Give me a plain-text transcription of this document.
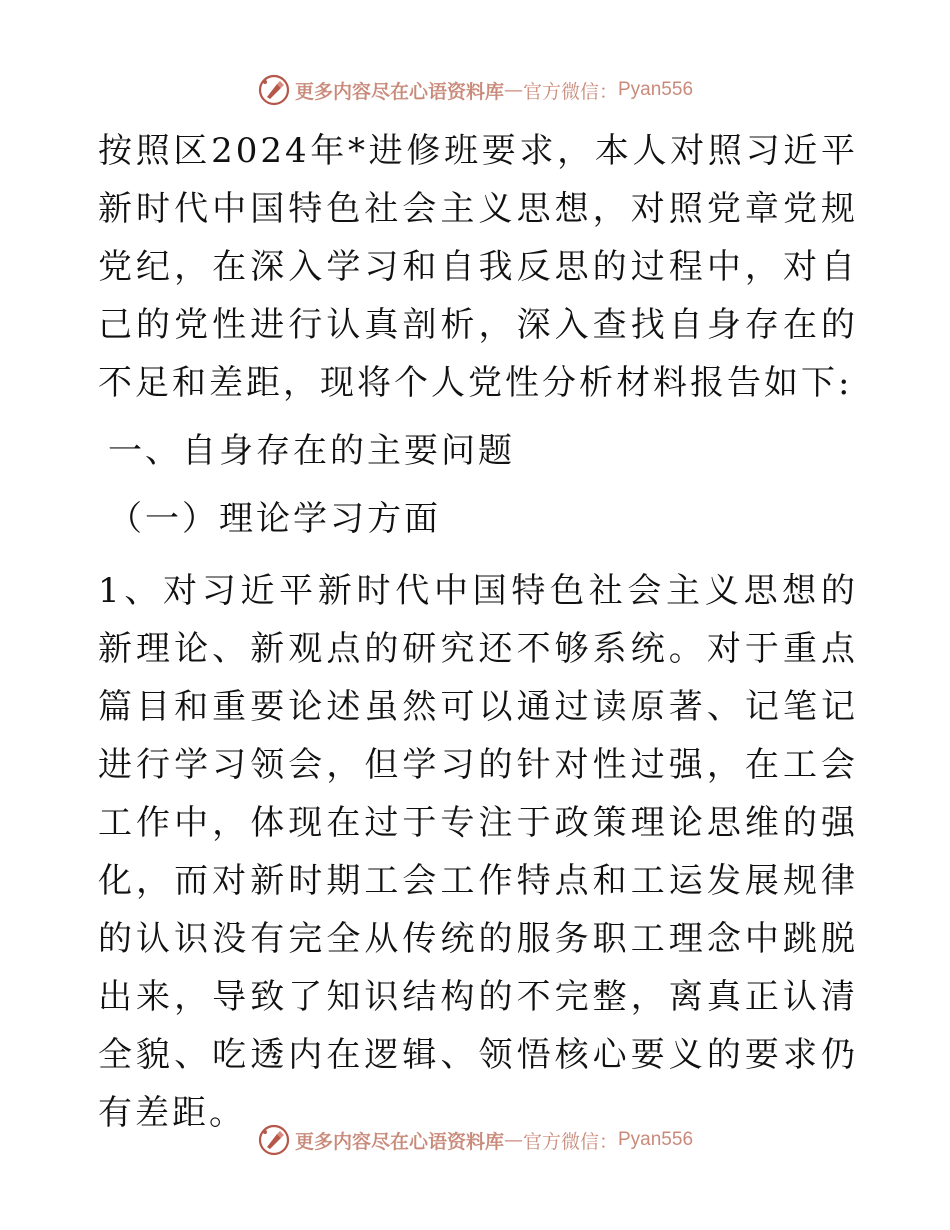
更多内容尽在心语资料库 — 官方微信： Pyan556

按照区2024年*进修班要求，本人对照习近平新时代中国特色社会主义思想，对照党章党规党纪，在深入学习和自我反思的过程中，对自己的党性进行认真剖析，深入查找自身存在的不足和差距，现将个人党性分析材料报告如下:

一、自身存在的主要问题

（一）理论学习方面

1、对习近平新时代中国特色社会主义思想的新理论、新观点的研究还不够系统。对于重点篇目和重要论述虽然可以通过读原著、记笔记进行学习领会，但学习的针对性过强，在工会工作中，体现在过于专注于政策理论思维的强化，而对新时期工会工作特点和工运发展规律的认识没有完全从传统的服务职工理念中跳脱出来，导致了知识结构的不完整，离真正认清全貌、吃透内在逻辑、领悟核心要义的要求仍有差距。

更多内容尽在心语资料库 — 官方微信： Pyan556
